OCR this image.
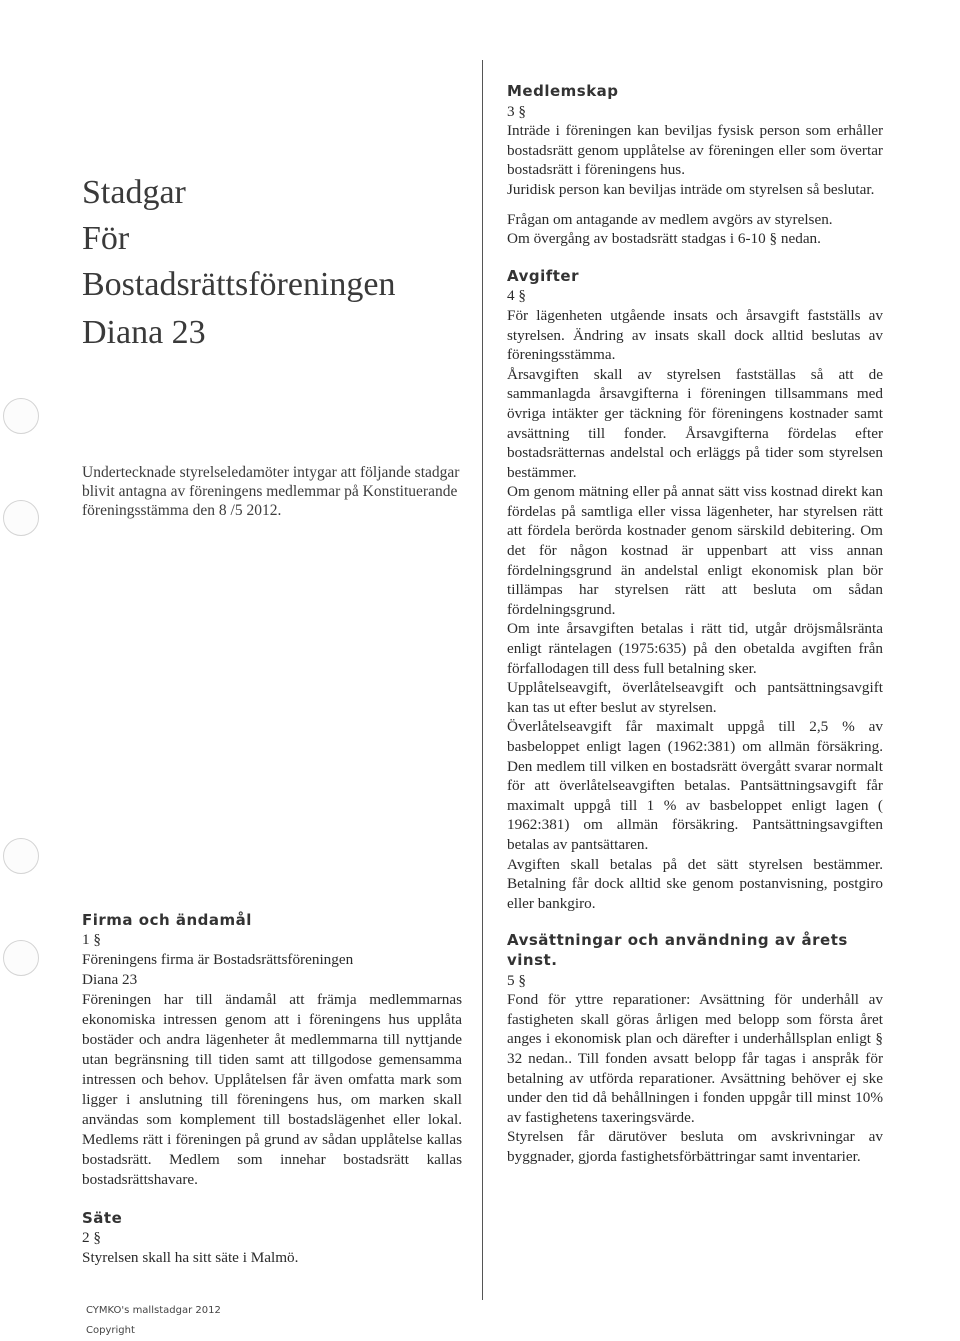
Stadgar
För
Bostadsrättsföreningen
Diana 23
Undertecknade styrelseledamöter intygar att följande stadgar blivit antagna av föreningens medlemmar på Konstituerande föreningsstämma den 8 /5 2012.
Firma och ändamål
1 §

Föreningens firma är Bostadsrättsföreningen

Diana 23

Föreningen har till ändamål att främja medlemmarnas ekonomiska intressen genom att i föreningens hus upplåta bostäder och andra lägenheter åt medlemmarna till nyttjande utan begränsning till tiden samt att tillgodose gemensamma intressen och behov. Upplåtelsen får även omfatta mark som ligger i anslutning till föreningens hus, om marken skall användas som komplement till bostadslägenhet eller lokal. Medlems rätt i föreningen på grund av sådan upplåtelse kallas bostadsrätt. Medlem som innehar bostadsrätt kallas bostadsrättshavare.

Säte
2 §

Styrelsen skall ha sitt säte i Malmö.

Medlemskap
3 §

Inträde i föreningen kan beviljas fysisk person som erhåller bostadsrätt genom upplåtelse av föreningen eller som övertar bostadsrätt i föreningens hus.

Juridisk person kan beviljas inträde om styrelsen så beslutar.

Frågan om antagande av medlem avgörs av styrelsen.

Om övergång av bostadsrätt stadgas i 6-10 § nedan.

Avgifter
4 §

För lägenheten utgående insats och årsavgift fastställs av styrelsen. Ändring av insats skall dock alltid beslutas av föreningsstämma.

Årsavgiften skall av styrelsen fastställas så att de sammanlagda årsavgifterna i föreningen tillsammans med övriga intäkter ger täckning för föreningens kostnader samt avsättning till fonder. Årsavgifterna fördelas efter bostadsrätternas andelstal och erläggs på tider som styrelsen bestämmer.

Om genom mätning eller på annat sätt viss kostnad direkt kan fördelas på samtliga eller vissa lägenheter, har styrelsen rätt att fördela berörda kostnader genom särskild debitering. Om det för någon kostnad är uppenbart att viss annan fördelningsgrund än andelstal enligt ekonomisk plan bör tillämpas har styrelsen rätt att besluta om sådan fördelningsgrund.

Om inte årsavgiften betalas i rätt tid, utgår dröjsmålsränta enligt räntelagen (1975:635) på den obetalda avgiften från förfallodagen till dess full betalning sker.

Upplåtelseavgift, överlåtelseavgift och pantsättningsavgift kan tas ut efter beslut av styrelsen.

Överlåtelseavgift får maximalt uppgå till 2,5 % av basbeloppet enligt lagen (1962:381) om allmän försäkring. Den medlem till vilken en bostadsrätt övergått svarar normalt för att överlåtelseavgiften betalas. Pantsättningsavgift får maximalt uppgå till 1 % av basbeloppet enligt lagen ( 1962:381) om allmän försäkring. Pantsättningsavgiften betalas av pantsättaren.

Avgiften skall betalas på det sätt styrelsen bestämmer. Betalning får dock alltid ske genom postanvisning, postgiro eller bankgiro.

Avsättningar och användning av årets vinst.
5 §

Fond för yttre reparationer: Avsättning för underhåll av fastigheten skall göras årligen med belopp som första året anges i ekonomisk plan och därefter i underhållsplan enligt § 32 nedan.. Till fonden avsatt belopp får tagas i anspråk för betalning av utförda reparationer. Avsättning behöver ej ske under den tid då behållningen i fonden uppgår till minst 10% av fastighetens taxeringsvärde.

Styrelsen får därutöver besluta om avskrivningar av byggnader, gjorda fastighetsförbättringar samt inventarier.

CYMKO's mallstadgar 2012
Copyright
